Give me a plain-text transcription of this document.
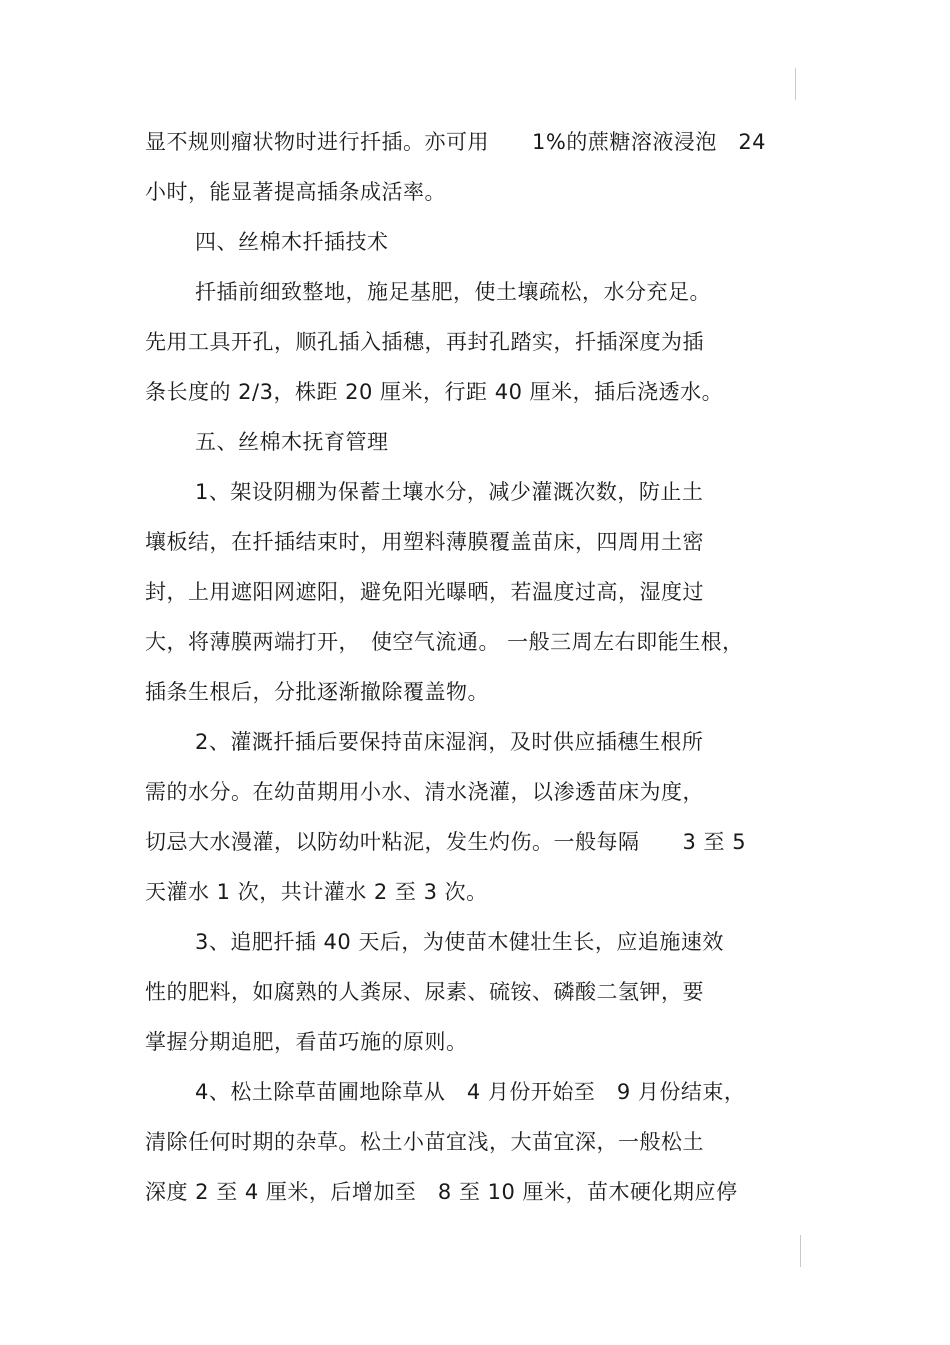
显不规则瘤状物时进行扦插。亦可用　　1%的蔗糖溶液浸泡　24
小时，能显著提高插条成活率。
四、丝棉木扦插技术
扦插前细致整地，施足基肥，使土壤疏松，水分充足。
先用工具开孔，顺孔插入插穗，再封孔踏实，扦插深度为插
条长度的 2/3，株距 20 厘米，行距 40 厘米，插后浇透水。
五、丝棉木抚育管理
1、架设阴棚为保蓄土壤水分，减少灌溉次数，防止土
壤板结，在扦插结束时，用塑料薄膜覆盖苗床，四周用土密
封，上用遮阳网遮阳，避免阳光曝晒，若温度过高，湿度过
大，将薄膜两端打开，　使空气流通。 一般三周左右即能生根，
插条生根后，分批逐渐撤除覆盖物。
2、灌溉扦插后要保持苗床湿润，及时供应插穗生根所
需的水分。在幼苗期用小水、清水浇灌，以渗透苗床为度，
切忌大水漫灌，以防幼叶粘泥，发生灼伤。一般每隔　　3 至 5
天灌水 1 次，共计灌水 2 至 3 次。
3、追肥扦插 40 天后，为使苗木健壮生长，应追施速效
性的肥料，如腐熟的人粪尿、尿素、硫铵、磷酸二氢钾，要
掌握分期追肥，看苗巧施的原则。
4、松土除草苗圃地除草从　4 月份开始至　9 月份结束，
清除任何时期的杂草。松土小苗宜浅，大苗宜深，一般松土
深度 2 至 4 厘米，后增加至　8 至 10 厘米，苗木硬化期应停
